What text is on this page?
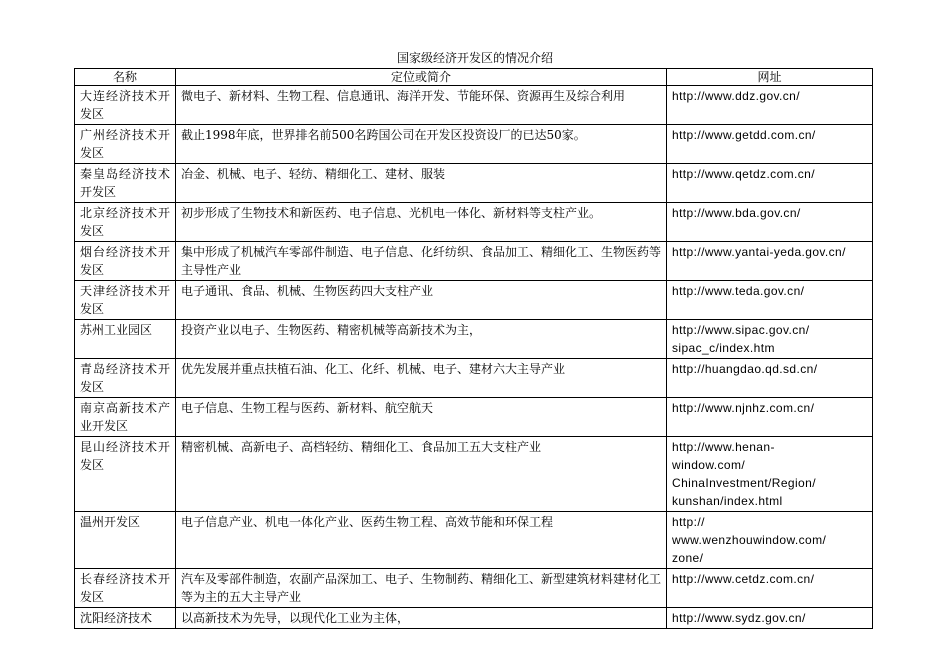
国家级经济开发区的情况介绍
名称	定位或简介	网址
大连经济技术开发区	微电子、新材料、生物工程、信息通讯、海洋开发、节能环保、资源再生及综合利用	http://www.ddz.gov.cn/

广州经济技术开发区	截止1998年底，世界排名前500名跨国公司在开发区投资设厂的已达50家。	http://www.getdd.com.cn/

秦皇岛经济技术开发区	冶金、机械、电子、轻纺、精细化工、建材、服装	http://www.qetdz.com.cn/

北京经济技术开发区	初步形成了生物技术和新医药、电子信息、光机电一体化、新材料等支柱产业。	http://www.bda.gov.cn/

烟台经济技术开发区	集中形成了机械汽车零部件制造、电子信息、化纤纺织、食品加工、精细化工、生物医药等主导性产业	http://www.yantai-yeda.gov.cn/

天津经济技术开发区	电子通讯、食品、机械、生物医药四大支柱产业	http://www.teda.gov.cn/

苏州工业园区	投资产业以电子、生物医药、精密机械等高新技术为主，	http://www.sipac.gov.cn/
sipac_c/index.htm

青岛经济技术开发区	优先发展并重点扶植石油、化工、化纤、机械、电子、建材六大主导产业	http://huangdao.qd.sd.cn/

南京高新技术产业开发区	电子信息、生物工程与医药、新材料、航空航天	http://www.njnhz.com.cn/

昆山经济技术开发区	精密机械、高新电子、高档轻纺、精细化工、食品加工五大支柱产业	http://www.henan-
window.com/
ChinaInvestment/Region/
kunshan/index.html

温州开发区	电子信息产业、机电一体化产业、医药生物工程、高效节能和环保工程	http://
www.wenzhouwindow.com/
zone/

长春经济技术开发区	汽车及零部件制造，农副产品深加工、电子、生物制药、精细化工、新型建筑材料建材化工等为主的五大主导产业	http://www.cetdz.com.cn/

沈阳经济技术	以高新技术为先导，以现代化工业为主体，	http://www.sydz.gov.cn/
